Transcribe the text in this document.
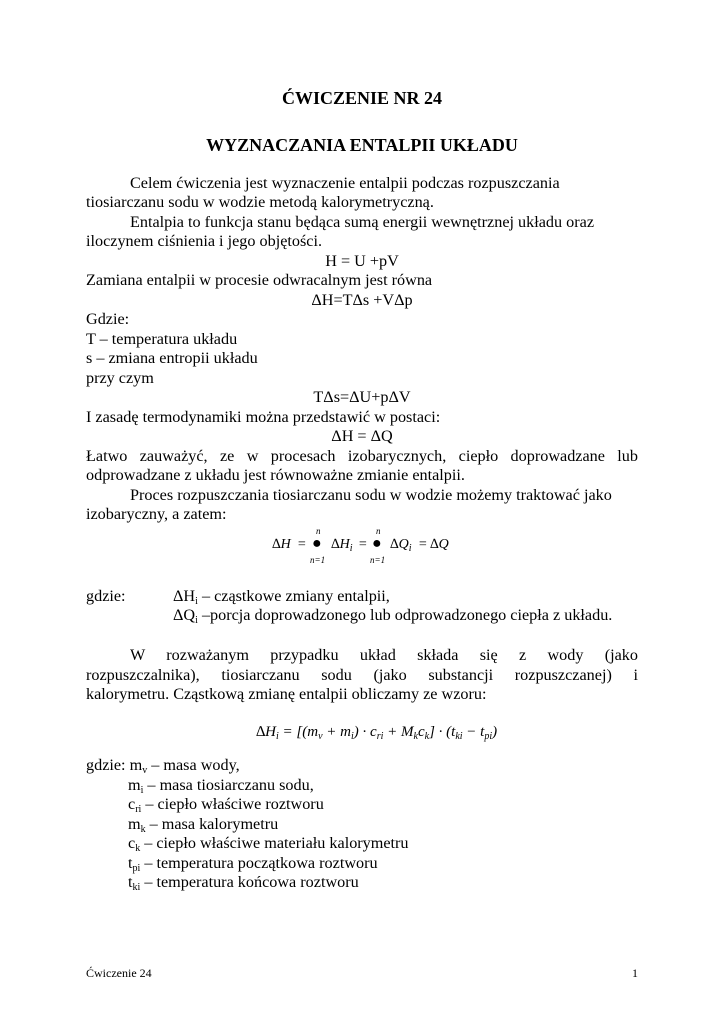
ĆWICZENIE NR 24
WYZNACZANIA ENTALPII UKŁADU
Celem ćwiczenia jest wyznaczenie entalpii podczas rozpuszczania
tiosiarczanu sodu w wodzie metodą kalorymetryczną.
Entalpia to funkcja stanu będąca sumą energii wewnętrznej układu oraz
iloczynem ciśnienia i jego objętości.
H = U +pV
Zamiana entalpii w procesie odwracalnym jest równa
ΔH=TΔs +VΔp
Gdzie:
T – temperatura układu
s – zmiana entropii układu
przy czym
TΔs=ΔU+pΔV
I zasadę termodynamiki można przedstawić w postaci:
ΔH = ΔQ
Łatwo zauważyć, ze w procesach izobarycznych, ciepło doprowadzane lub
odprowadzane z układu jest równoważne zmianie entalpii.
Proces rozpuszczania tiosiarczanu sodu w wodzie możemy traktować jako
izobaryczny, a zatem:
n	n
∆H = ● $\Delta H_i$ = ● $\Delta Q_i = \Delta Q$
n=1	n=1
gdzie:	$\Delta H_i$ – cząstkowe zmiany entalpii,
$\Delta Q_i$ –porcja doprowadzonego lub odprowadzonego ciepła z układu.
W rozważanym przypadku układ składa się z wody (jako
rozpuszczalnika), tiosiarczanu sodu (jako substancji rozpuszczanej) i
kalorymetru. Cząstkową zmianę entalpii obliczamy ze wzoru:
$\Delta H_i = [(m_v + m_i) \cdot c_{ri} + M_kc_k] \cdot (t_{ki} - t_{pi})$
gdzie: $m_v$ – masa wody,
$m_i$ – masa tiosiarczanu sodu,
$c_{ri}$ – ciepło właściwe roztworu
$m_k$ – masa kalorymetru
$c_k$ – ciepło właściwe materiału kalorymetru
$t_{pi}$ – temperatura początkowa roztworu
$t_{ki}$ – temperatura końcowa roztworu
Ćwiczenie 24	1
